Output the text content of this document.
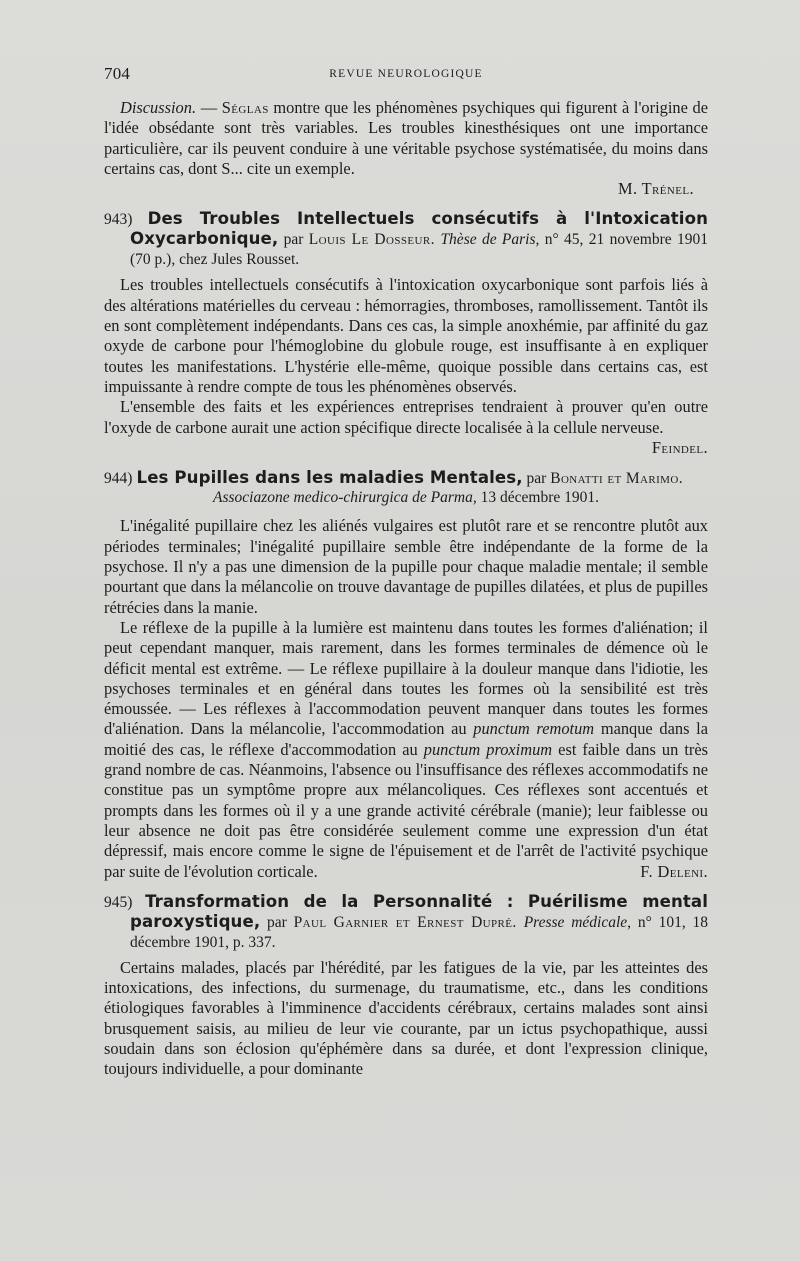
704	REVUE NEUROLOGIQUE

Discussion. — Séglas montre que les phénomènes psychiques qui figurent à l'origine de l'idée obsédante sont très variables. Les troubles kinesthésiques ont une importance particulière, car ils peuvent conduire à une véritable psychose systématisée, du moins dans certains cas, dont S... cite un exemple.

M. Trénel.

943) Des Troubles Intellectuels consécutifs à l'Intoxication Oxycarbonique, par Louis Le Dosseur. Thèse de Paris, n° 45, 21 novembre 1901 (70 p.), chez Jules Rousset.

Les troubles intellectuels consécutifs à l'intoxication oxycarbonique sont parfois liés à des altérations matérielles du cerveau : hémorragies, thromboses, ramollissement. Tantôt ils en sont complètement indépendants. Dans ces cas, la simple anoxhémie, par affinité du gaz oxyde de carbone pour l'hémoglobine du globule rouge, est insuffisante à en expliquer toutes les manifestations. L'hystérie elle-même, quoique possible dans certains cas, est impuissante à rendre compte de tous les phénomènes observés.

L'ensemble des faits et les expériences entreprises tendraient à prouver qu'en outre l'oxyde de carbone aurait une action spécifique directe localisée à la cellule nerveuse.
Feindel.

944) Les Pupilles dans les maladies Mentales, par Bonatti et Marimo.

Associazone medico-chirurgica de Parma, 13 décembre 1901.

L'inégalité pupillaire chez les aliénés vulgaires est plutôt rare et se rencontre plutôt aux périodes terminales; l'inégalité pupillaire semble être indépendante de la forme de la psychose. Il n'y a pas une dimension de la pupille pour chaque maladie mentale; il semble pourtant que dans la mélancolie on trouve davantage de pupilles dilatées, et plus de pupilles rétrécies dans la manie.

Le réflexe de la pupille à la lumière est maintenu dans toutes les formes d'aliénation; il peut cependant manquer, mais rarement, dans les formes terminales de démence où le déficit mental est extrême. — Le réflexe pupillaire à la douleur manque dans l'idiotie, les psychoses terminales et en général dans toutes les formes où la sensibilité est très émoussée. — Les réflexes à l'accommodation peuvent manquer dans toutes les formes d'aliénation. Dans la mélancolie, l'accommodation au punctum remotum manque dans la moitié des cas, le réflexe d'accommodation au punctum proximum est faible dans un très grand nombre de cas. Néanmoins, l'absence ou l'insuffisance des réflexes accommodatifs ne constitue pas un symptôme propre aux mélancoliques. Ces réflexes sont accentués et prompts dans les formes où il y a une grande activité cérébrale (manie); leur faiblesse ou leur absence ne doit pas être considérée seulement comme une expression d'un état dépressif, mais encore comme le signe de l'épuisement et de l'arrêt de l'activité psychique par suite de l'évolution corticale.	F. Deleni.

945) Transformation de la Personnalité : Puérilisme mental paroxystique, par Paul Garnier et Ernest Dupré. Presse médicale, n° 101, 18 décembre 1901, p. 337.

Certains malades, placés par l'hérédité, par les fatigues de la vie, par les atteintes des intoxications, des infections, du surmenage, du traumatisme, etc., dans les conditions étiologiques favorables à l'imminence d'accidents cérébraux, certains malades sont ainsi brusquement saisis, au milieu de leur vie courante, par un ictus psychopathique, aussi soudain dans son éclosion qu'éphémère dans sa durée, et dont l'expression clinique, toujours individuelle, a pour dominante
